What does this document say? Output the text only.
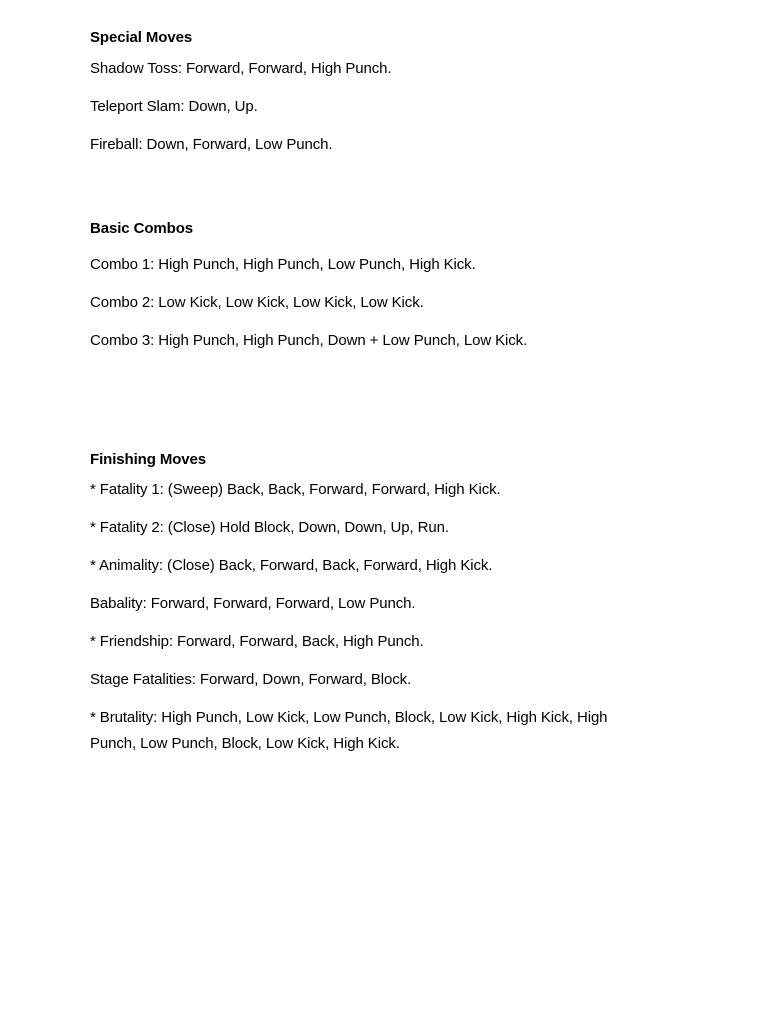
Special Moves

Shadow Toss: Forward, Forward, High Punch.

Teleport Slam: Down, Up.

Fireball: Down, Forward, Low Punch.

Basic Combos

Combo 1: High Punch, High Punch, Low Punch, High Kick.

Combo 2: Low Kick, Low Kick, Low Kick, Low Kick.

Combo 3: High Punch, High Punch, Down + Low Punch, Low Kick.

Finishing Moves

* Fatality 1: (Sweep) Back, Back, Forward, Forward, High Kick.

* Fatality 2: (Close) Hold Block, Down, Down, Up, Run.

* Animality: (Close) Back, Forward, Back, Forward, High Kick.

Babality: Forward, Forward, Forward, Low Punch.

* Friendship: Forward, Forward, Back, High Punch.

Stage Fatalities: Forward, Down, Forward, Block.

* Brutality: High Punch, Low Kick, Low Punch, Block, Low Kick, High Kick, High Punch, Low Punch, Block, Low Kick, High Kick.
